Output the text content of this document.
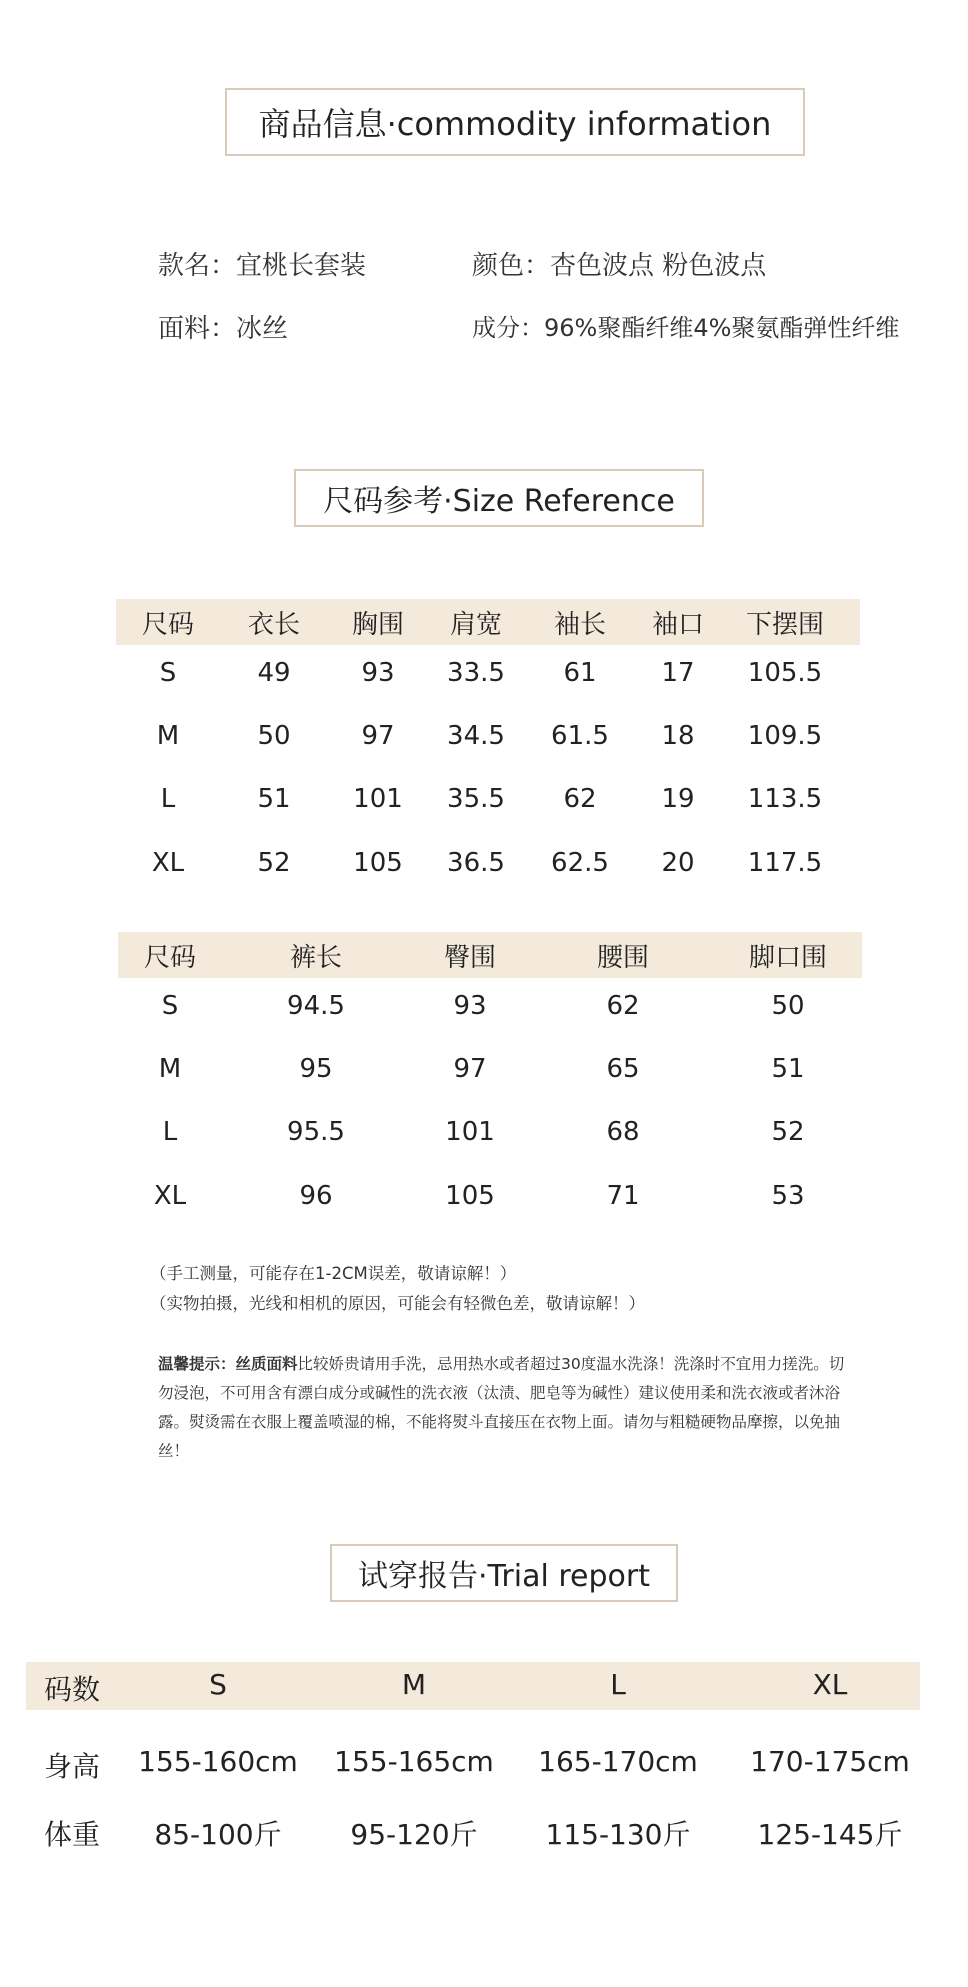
商品信息·commodity information
款名：宜桃长套装	颜色：杏色波点 粉色波点
面料：冰丝	成分：96%聚酯纤维4%聚氨酯弹性纤维
尺码参考·Size Reference
尺码 衣长 胸围 肩宽 袖长 袖口 下摆围
S	49	93 33.5 61 17 105.5
M	50	97 34.5 61.5 18 109.5
L	51 101 35.5 62 19 113.5
XL	52 105 36.5 62.5 20 117.5
尺码	裤长	臀围	腰围	脚口围
S	94.5	93	62	50
M	95	97	65	51
L	95.5	101	68	52
XL	96	105	71	53
（手工测量，可能存在1-2CM误差，敬请谅解！）
（实物拍摄，光线和相机的原因，可能会有轻微色差，敬请谅解！）
温馨提示：丝质面料比较娇贵请用手洗，忌用热水或者超过30度温水洗涤！洗涤时不宜用力搓洗。切勿浸泡，不可用含有漂白成分或碱性的洗衣液（汰渍、肥皂等为碱性）建议使用柔和洗衣液或者沐浴露。熨烫需在衣服上覆盖喷湿的棉，不能将熨斗直接压在衣物上面。请勿与粗糙硬物品摩擦，以免抽丝！
试穿报告·Trial report
码数	S	M	L	XL
身高 155-160cm 155-165cm 165-170cm 170-175cm
体重 85-100斤 95-120斤 115-130斤 125-145斤
